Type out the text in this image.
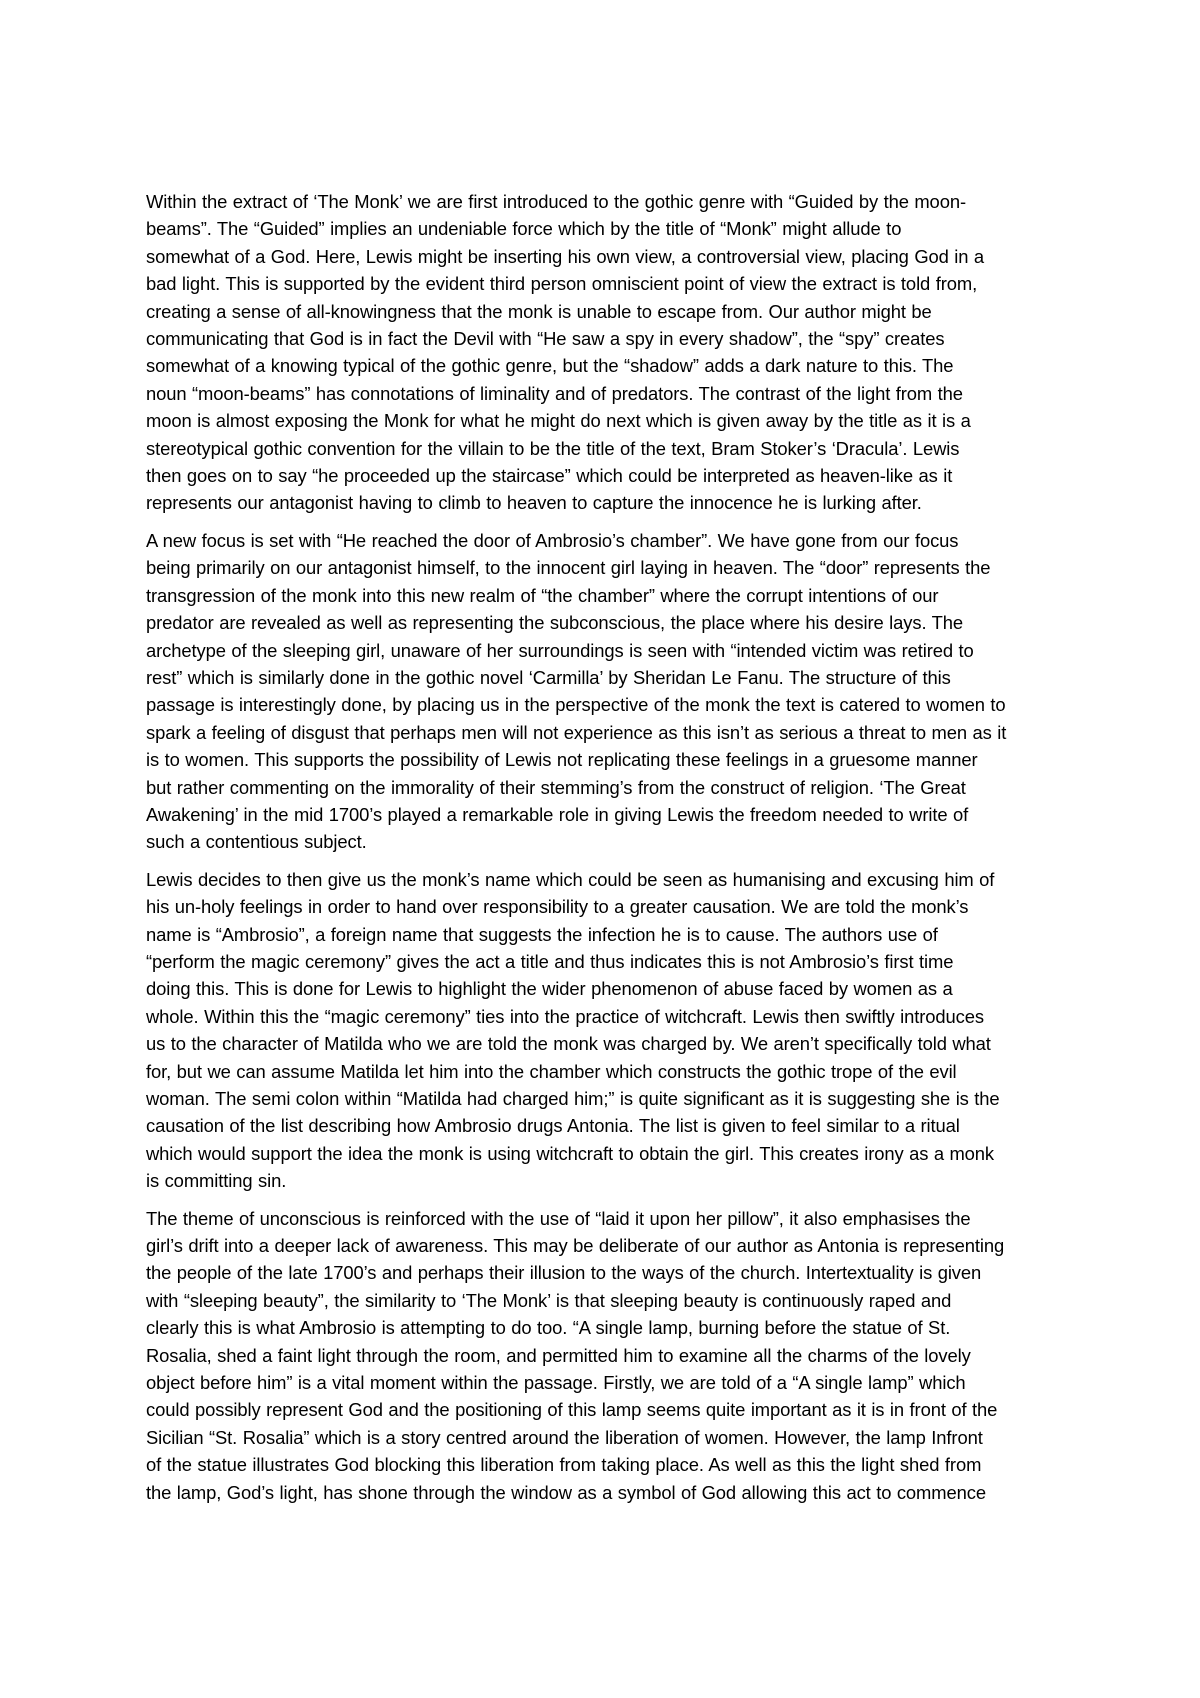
Within the extract of ‘The Monk’ we are first introduced to the gothic genre with “Guided by the moon-
beams”. The “Guided” implies an undeniable force which by the title of “Monk” might allude to
somewhat of a God. Here, Lewis might be inserting his own view, a controversial view, placing God in a
bad light. This is supported by the evident third person omniscient point of view the extract is told from,
creating a sense of all-knowingness that the monk is unable to escape from. Our author might be
communicating that God is in fact the Devil with “He saw a spy in every shadow”, the “spy” creates
somewhat of a knowing typical of the gothic genre, but the “shadow” adds a dark nature to this. The
noun “moon-beams” has connotations of liminality and of predators. The contrast of the light from the
moon is almost exposing the Monk for what he might do next which is given away by the title as it is a
stereotypical gothic convention for the villain to be the title of the text, Bram Stoker’s ‘Dracula’. Lewis
then goes on to say “he proceeded up the staircase” which could be interpreted as heaven-like as it
represents our antagonist having to climb to heaven to capture the innocence he is lurking after.

A new focus is set with “He reached the door of Ambrosio’s chamber”. We have gone from our focus
being primarily on our antagonist himself, to the innocent girl laying in heaven. The “door” represents the
transgression of the monk into this new realm of “the chamber” where the corrupt intentions of our
predator are revealed as well as representing the subconscious, the place where his desire lays. The
archetype of the sleeping girl, unaware of her surroundings is seen with “intended victim was retired to
rest” which is similarly done in the gothic novel ‘Carmilla’ by Sheridan Le Fanu. The structure of this
passage is interestingly done, by placing us in the perspective of the monk the text is catered to women to
spark a feeling of disgust that perhaps men will not experience as this isn’t as serious a threat to men as it
is to women. This supports the possibility of Lewis not replicating these feelings in a gruesome manner
but rather commenting on the immorality of their stemming’s from the construct of religion. ‘The Great
Awakening’ in the mid 1700’s played a remarkable role in giving Lewis the freedom needed to write of
such a contentious subject.

Lewis decides to then give us the monk’s name which could be seen as humanising and excusing him of
his un-holy feelings in order to hand over responsibility to a greater causation. We are told the monk’s
name is “Ambrosio”, a foreign name that suggests the infection he is to cause. The authors use of
“perform the magic ceremony” gives the act a title and thus indicates this is not Ambrosio’s first time
doing this. This is done for Lewis to highlight the wider phenomenon of abuse faced by women as a
whole. Within this the “magic ceremony” ties into the practice of witchcraft. Lewis then swiftly introduces
us to the character of Matilda who we are told the monk was charged by. We aren’t specifically told what
for, but we can assume Matilda let him into the chamber which constructs the gothic trope of the evil
woman. The semi colon within “Matilda had charged him;” is quite significant as it is suggesting she is the
causation of the list describing how Ambrosio drugs Antonia. The list is given to feel similar to a ritual
which would support the idea the monk is using witchcraft to obtain the girl. This creates irony as a monk
is committing sin.

The theme of unconscious is reinforced with the use of “laid it upon her pillow”, it also emphasises the
girl’s drift into a deeper lack of awareness. This may be deliberate of our author as Antonia is representing
the people of the late 1700’s and perhaps their illusion to the ways of the church. Intertextuality is given
with “sleeping beauty”, the similarity to ‘The Monk’ is that sleeping beauty is continuously raped and
clearly this is what Ambrosio is attempting to do too. “A single lamp, burning before the statue of St.
Rosalia, shed a faint light through the room, and permitted him to examine all the charms of the lovely
object before him” is a vital moment within the passage. Firstly, we are told of a “A single lamp” which
could possibly represent God and the positioning of this lamp seems quite important as it is in front of the
Sicilian “St. Rosalia” which is a story centred around the liberation of women. However, the lamp Infront
of the statue illustrates God blocking this liberation from taking place. As well as this the light shed from
the lamp, God’s light, has shone through the window as a symbol of God allowing this act to commence
